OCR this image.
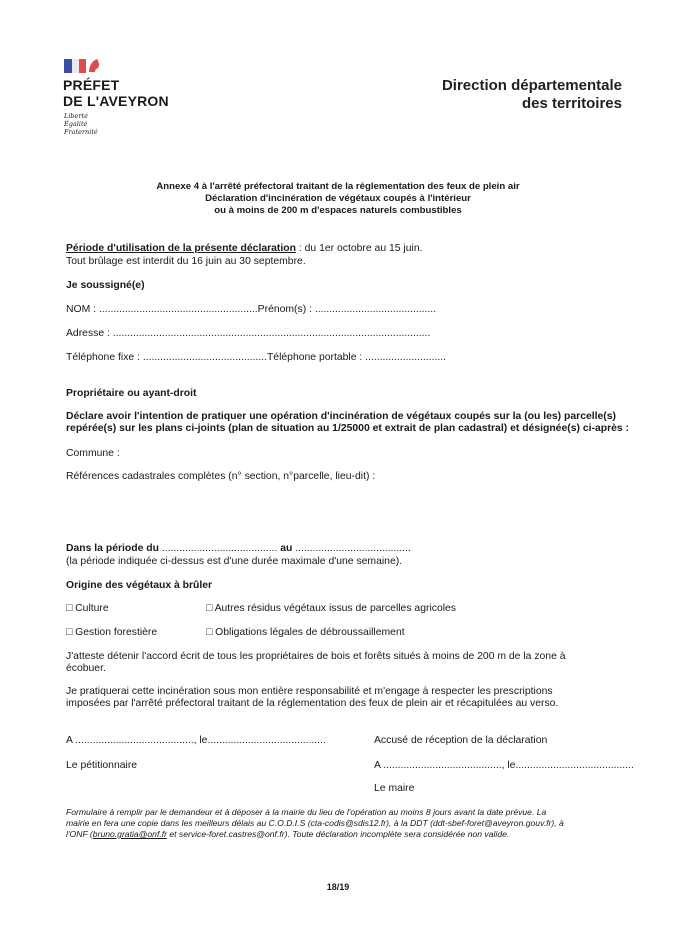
PRÉFET
DE L'AVEYRON
Liberté
Égalité
Fraternité
Direction départementale
des territoires
Annexe 4 à l'arrêté préfectoral traitant de la réglementation des feux de plein air
Déclaration d'incinération de végétaux coupés à l'intérieur
ou à moins de 200 m d'espaces naturels combustibles
Période d'utilisation de la présente déclaration : du 1er octobre au 15 juin.
Tout brûlage est interdit du 16 juin au 30 septembre.
Je soussigné(e)
NOM : .......................................................Prénom(s) : ..........................................
Adresse : ..............................................................................................................
Téléphone fixe : ...........................................Téléphone portable : ............................
Propriétaire ou ayant-droit
Déclare avoir l'intention de pratiquer une opération d'incinération de végétaux coupés sur la (ou les) parcelle(s)
repérée(s) sur les plans ci-joints (plan de situation au 1/25000 et extrait de plan cadastral) et désignée(s) ci-après :
Commune :
Références cadastrales complètes (n° section, n°parcelle, lieu-dit) :
Dans la période du ........................................ au ........................................
(la période indiquée ci-dessus est d'une durée maximale d'une semaine).
Origine des végétaux à brûler
□ Culture	□ Autres résidus végétaux issus de parcelles agricoles
□ Gestion forestière	□ Obligations légales de débroussaillement
J'atteste détenir l'accord écrit de tous les propriétaires de bois et forêts situés à moins de 200 m de la zone à
écobuer.
Je pratiquerai cette incinération sous mon entière responsabilité et m'engage à respecter les prescriptions
imposées par l'arrêté préfectoral traitant de la réglementation des feux de plein air et récapitulées au verso.
A ........................................., le.........................................	Accusé de réception de la déclaration
Le pétitionnaire	A ........................................., le.........................................
Le maire
Formulaire à remplir par le demandeur et à déposer à la mairie du lieu de l'opération au moins 8 jours avant la date prévue. La
mairie en fera une copie dans les meilleurs délais au C.O.D.I.S (cta-codis@sdis12.fr), à la DDT (ddt-sbef-foret@aveyron.gouv.fr), à
l'ONF (bruno.gratia@onf.fr et service-foret.castres@onf.fr). Toute déclaration incomplète sera considérée non valide.
18/19
